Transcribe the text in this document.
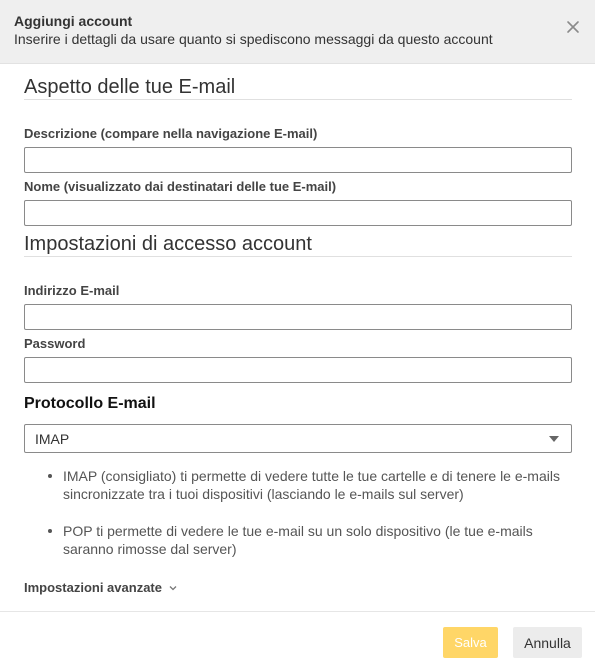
Aggiungi account
Inserire i dettagli da usare quanto si spediscono messaggi da questo account
Aspetto delle tue E-mail
Descrizione (compare nella navigazione E-mail)
Nome (visualizzato dai destinatari delle tue E-mail)
Impostazioni di accesso account
Indirizzo E-mail
Password
Protocollo E-mail
IMAP
IMAP (consigliato) ti permette di vedere tutte le tue cartelle e di tenere le e-mails sincronizzate tra i tuoi dispositivi (lasciando le e-mails sul server)
POP ti permette di vedere le tue e-mail su un solo dispositivo (le tue e-mails saranno rimosse dal server)
Impostazioni avanzate
Salva	Annulla
